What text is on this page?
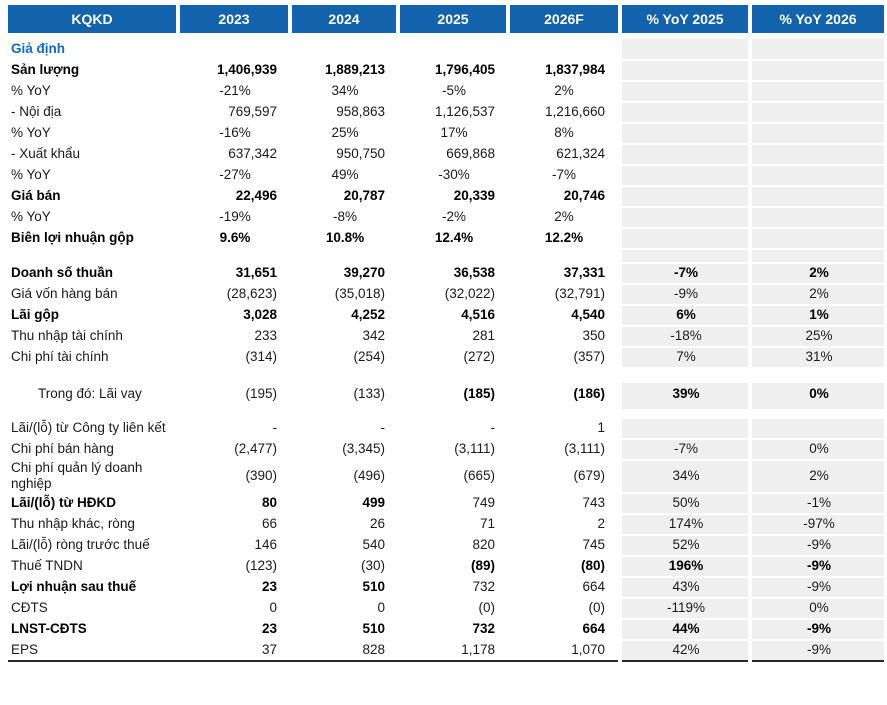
KQKD	2023	2024	2025	2026F	% YoY 2025	% YoY 2026

Giả định						
Sản lượng	1,406,939	1,889,213	1,796,405	1,837,984		
% YoY	-21%	34%	-5%	2%		
- Nội địa	769,597	958,863	1,126,537	1,216,660		
% YoY	-16%	25%	17%	8%		
- Xuất khẩu	637,342	950,750	669,868	621,324		
% YoY	-27%	49%	-30%	-7%		
Giá bán	22,496	20,787	20,339	20,746		
% YoY	-19%	-8%	-2%	2%		
Biên lợi nhuận gộp	9.6%	10.8%	12.4%	12.2%		

Doanh số thuần	31,651	39,270	36,538	37,331	-7%	2%
Giá vốn hàng bán	(28,623)	(35,018)	(32,022)	(32,791)	-9%	2%
Lãi gộp	3,028	4,252	4,516	4,540	6%	1%
Thu nhập tài chính	233	342	281	350	-18%	25%
Chi phí tài chính	(314)	(254)	(272)	(357)	7%	31%

Trong đó: Lãi vay	(195)	(133)	(185)	(186)	39%	0%

Lãi/(lỗ) từ Công ty liên kết	-	-	-	1		
Chi phí bán hàng	(2,477)	(3,345)	(3,111)	(3,111)	-7%	0%
Chi phí quản lý doanh nghiệp	(390)	(496)	(665)	(679)	34%	2%
Lãi/(lỗ) từ HĐKD	80	499	749	743	50%	-1%
Thu nhập khác, ròng	66	26	71	2	174%	-97%
Lãi/(lỗ) ròng trước thuế	146	540	820	745	52%	-9%
Thuế TNDN	(123)	(30)	(89)	(80)	196%	-9%
Lợi nhuận sau thuế	23	510	732	664	43%	-9%
CĐTS	0	0	(0)	(0)	-119%	0%
LNST-CĐTS	23	510	732	664	44%	-9%
EPS	37	828	1,178	1,070	42%	-9%
